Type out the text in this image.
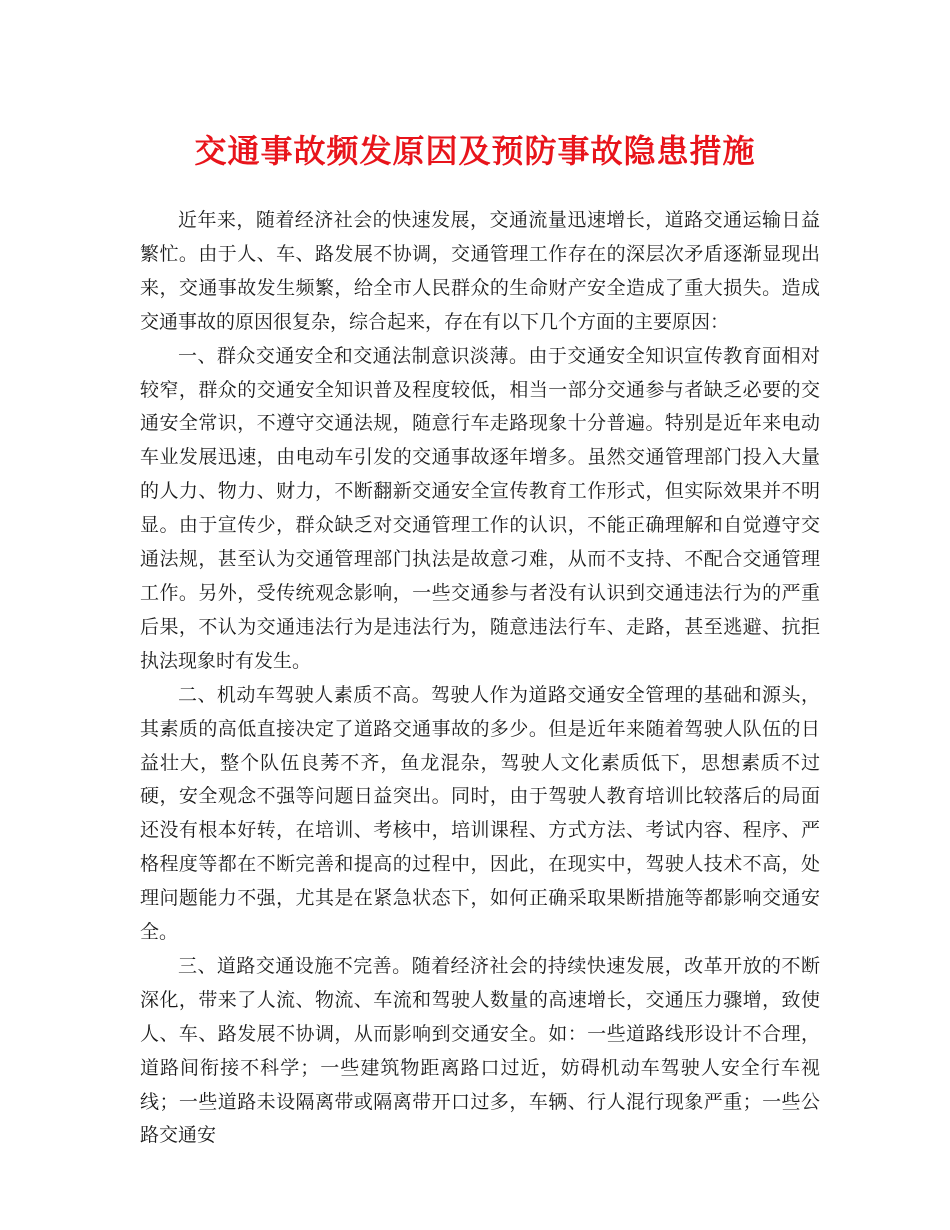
交通事故频发原因及预防事故隐患措施

近年来，随着经济社会的快速发展，交通流量迅速增长，道路交通运输日益繁忙。由于人、车、路发展不协调，交通管理工作存在的深层次矛盾逐渐显现出来，交通事故发生频繁，给全市人民群众的生命财产安全造成了重大损失。造成交通事故的原因很复杂，综合起来，存在有以下几个方面的主要原因：

一、群众交通安全和交通法制意识淡薄。由于交通安全知识宣传教育面相对较窄，群众的交通安全知识普及程度较低，相当一部分交通参与者缺乏必要的交通安全常识，不遵守交通法规，随意行车走路现象十分普遍。特别是近年来电动车业发展迅速，由电动车引发的交通事故逐年增多。虽然交通管理部门投入大量的人力、物力、财力，不断翻新交通安全宣传教育工作形式，但实际效果并不明显。由于宣传少，群众缺乏对交通管理工作的认识，不能正确理解和自觉遵守交通法规，甚至认为交通管理部门执法是故意刁难，从而不支持、不配合交通管理工作。另外，受传统观念影响，一些交通参与者没有认识到交通违法行为的严重后果，不认为交通违法行为是违法行为，随意违法行车、走路，甚至逃避、抗拒执法现象时有发生。

二、机动车驾驶人素质不高。驾驶人作为道路交通安全管理的基础和源头，其素质的高低直接决定了道路交通事故的多少。但是近年来随着驾驶人队伍的日益壮大，整个队伍良莠不齐，鱼龙混杂，驾驶人文化素质低下，思想素质不过硬，安全观念不强等问题日益突出。同时，由于驾驶人教育培训比较落后的局面还没有根本好转，在培训、考核中，培训课程、方式方法、考试内容、程序、严格程度等都在不断完善和提高的过程中，因此，在现实中，驾驶人技术不高，处理问题能力不强，尤其是在紧急状态下，如何正确采取果断措施等都影响交通安全。

三、道路交通设施不完善。随着经济社会的持续快速发展，改革开放的不断深化，带来了人流、物流、车流和驾驶人数量的高速增长，交通压力骤增，致使人、车、路发展不协调，从而影响到交通安全。如：一些道路线形设计不合理，道路间衔接不科学；一些建筑物距离路口过近，妨碍机动车驾驶人安全行车视线；一些道路未设隔离带或隔离带开口过多，车辆、行人混行现象严重；一些公路交通安
